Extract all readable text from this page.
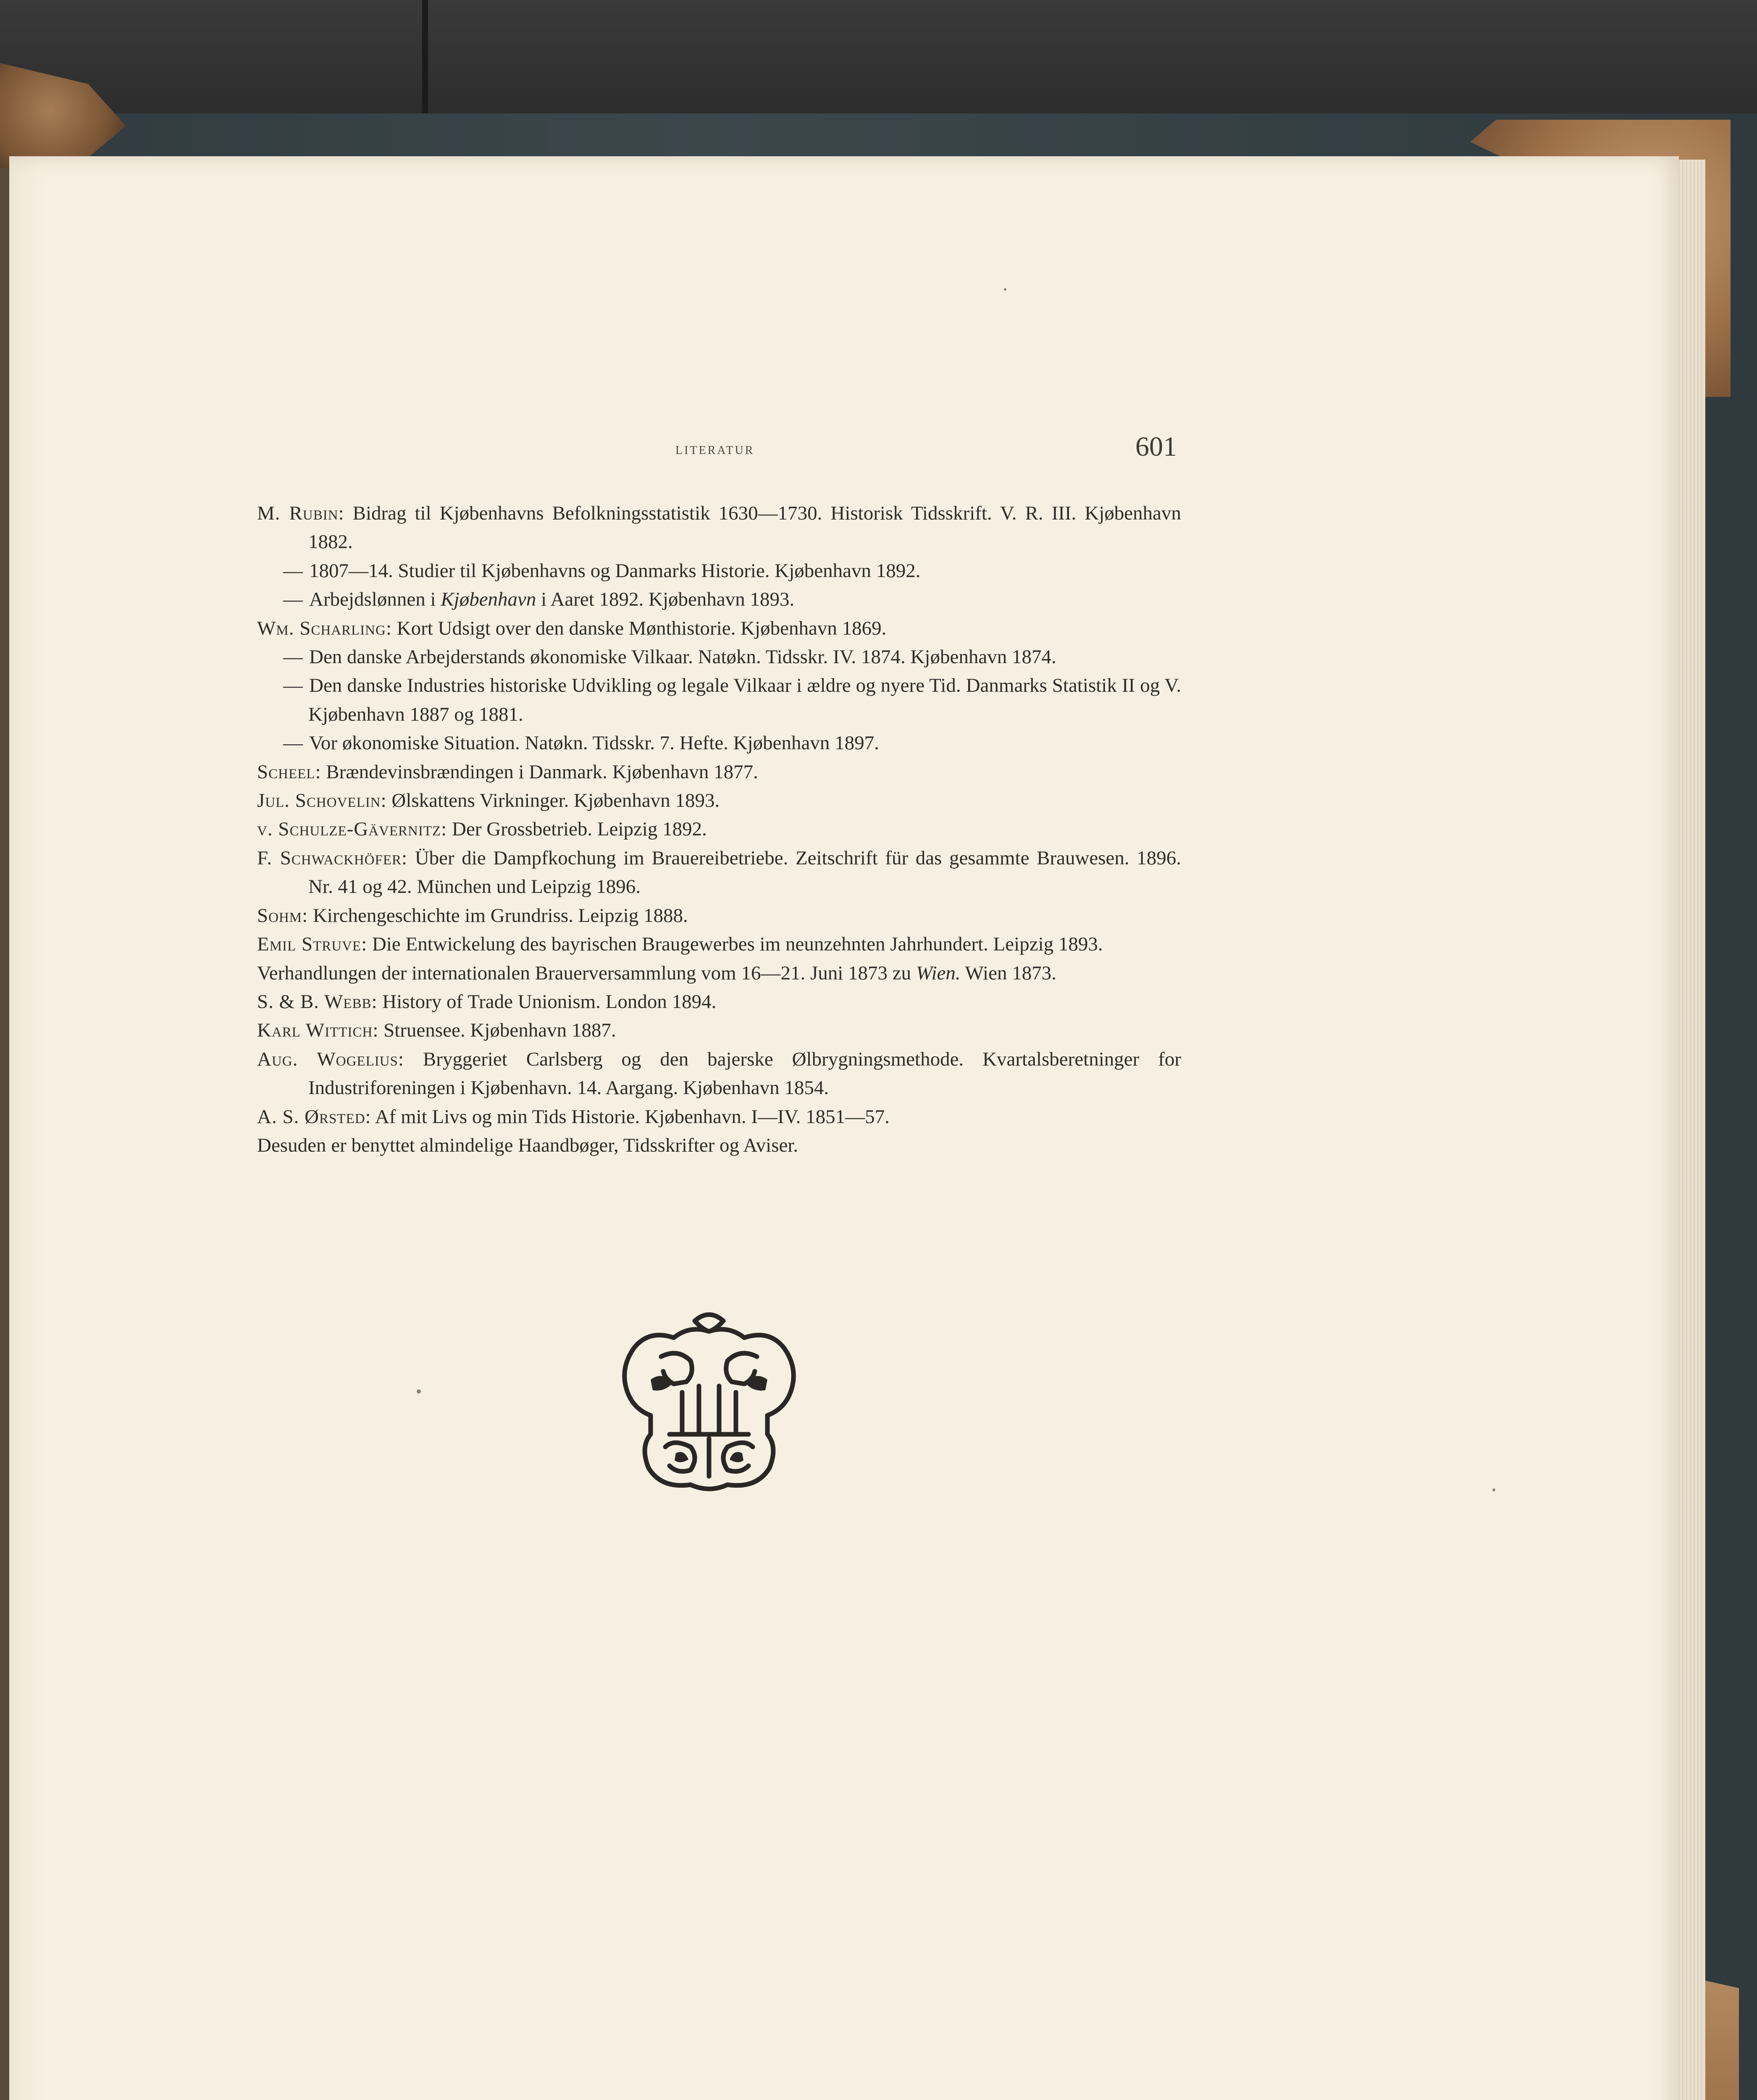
LITERATUR	601
M. Rubin: Bidrag til Kjøbenhavns Befolkningsstatistik 1630—1730. Historisk Tidsskrift. V. R. III. Kjøbenhavn 1882.
— 1807—14. Studier til Kjøbenhavns og Danmarks Historie. Kjøbenhavn 1892.
— Arbejdslønnen i Kjøbenhavn i Aaret 1892. Kjøbenhavn 1893.
Wm. Scharling: Kort Udsigt over den danske Mønthistorie. Kjøbenhavn 1869.
— Den danske Arbejderstands økonomiske Vilkaar. Natøkn. Tidsskr. IV. 1874. Kjøbenhavn 1874.
— Den danske Industries historiske Udvikling og legale Vilkaar i ældre og nyere Tid. Danmarks Statistik II og V. Kjøbenhavn 1887 og 1881.
— Vor økonomiske Situation. Natøkn. Tidsskr. 7. Hefte. Kjøbenhavn 1897.
Scheel: Brændevinsbrændingen i Danmark. Kjøbenhavn 1877.
Jul. Schovelin: Ølskattens Virkninger. Kjøbenhavn 1893.
v. Schulze-Gävernitz: Der Grossbetrieb. Leipzig 1892.
F. Schwackhöfer: Über die Dampfkochung im Brauereibetriebe. Zeitschrift für das gesammte Brauwesen. 1896. Nr. 41 og 42. München und Leipzig 1896.
Sohm: Kirchengeschichte im Grundriss. Leipzig 1888.
Emil Struve: Die Entwickelung des bayrischen Braugewerbes im neunzehnten Jahrhundert. Leipzig 1893.
Verhandlungen der internationalen Brauerversammlung vom 16—21. Juni 1873 zu Wien. Wien 1873.
S. & B. Webb: History of Trade Unionism. London 1894.
Karl Wittich: Struensee. Kjøbenhavn 1887.
Aug. Wogelius: Bryggeriet Carlsberg og den bajerske Ølbrygningsmethode. Kvartalsberetninger for Industriforeningen i Kjøbenhavn. 14. Aargang. Kjøbenhavn 1854.
A. S. Ørsted: Af mit Livs og min Tids Historie. Kjøbenhavn. I—IV. 1851—57.
Desuden er benyttet almindelige Haandbøger, Tidsskrifter og Aviser.
